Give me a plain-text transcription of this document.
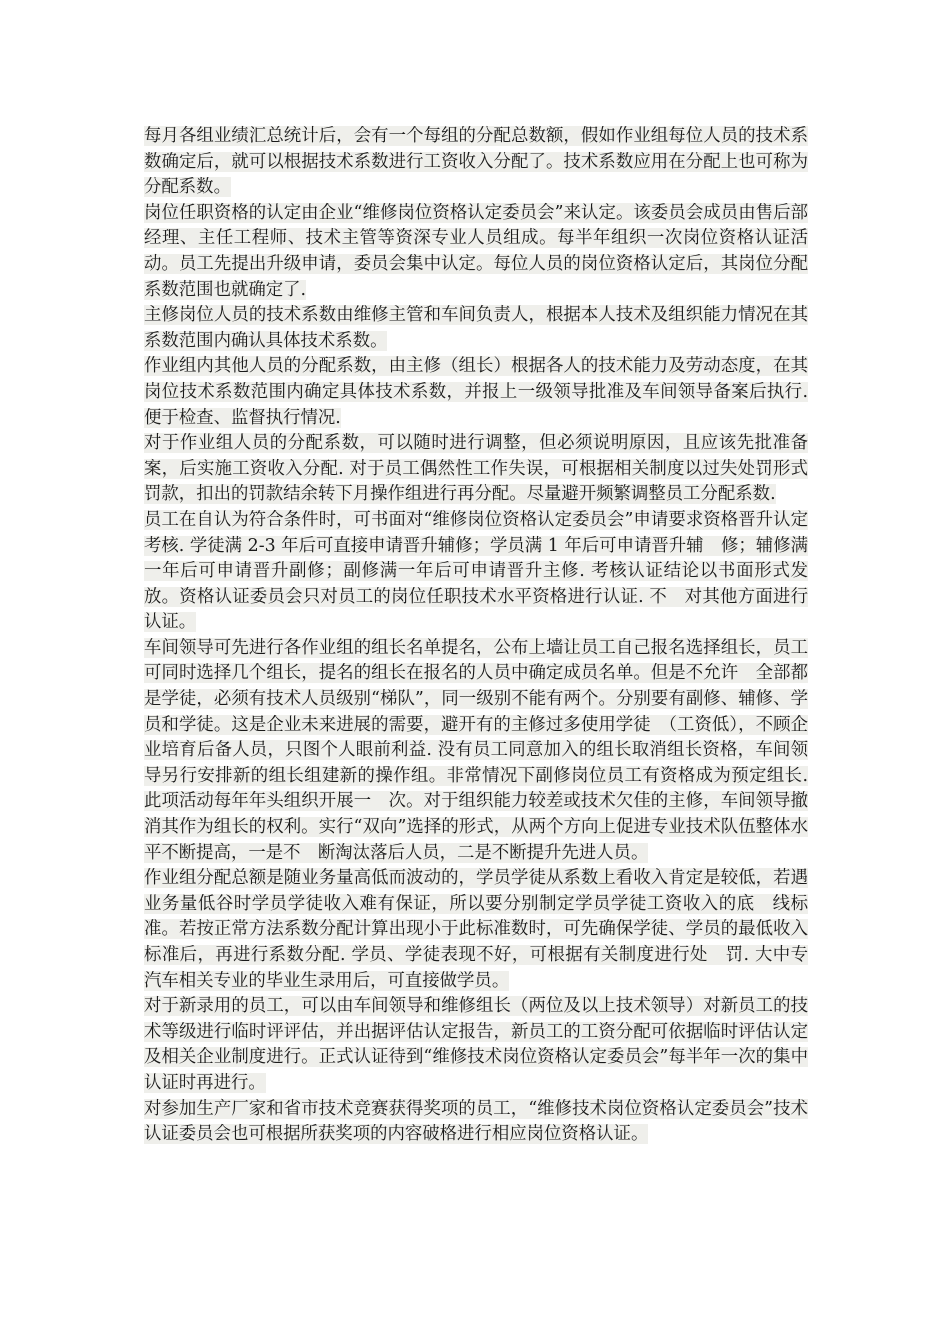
每月各组业绩汇总统计后，会有一个每组的分配总数额，假如作业组每位人员的技术系数确定后，就可以根据技术系数进行工资收入分配了。技术系数应用在分配上也可称为分配系数。

岗位任职资格的认定由企业“维修岗位资格认定委员会”来认定。该委员会成员由售后部经理、主任工程师、技术主管等资深专业人员组成。每半年组织一次岗位资格认证活动。员工先提出升级申请，委员会集中认定。每位人员的岗位资格认定后，其岗位分配系数范围也就确定了.

主修岗位人员的技术系数由维修主管和车间负责人，根据本人技术及组织能力情况在其系数范围内确认具体技术系数。

作业组内其他人员的分配系数，由主修（组长）根据各人的技术能力及劳动态度，在其岗位技术系数范围内确定具体技术系数，并报上一级领导批准及车间领导备案后执行. 便于检查、监督执行情况.

对于作业组人员的分配系数，可以随时进行调整，但必须说明原因，且应该先批准备案，后实施工资收入分配. 对于员工偶然性工作失误，可根据相关制度以过失处罚形式罚款，扣出的罚款结余转下月操作组进行再分配。尽量避开频繁调整员工分配系数.

员工在自认为符合条件时，可书面对“维修岗位资格认定委员会”申请要求资格晋升认定考核. 学徒满 2-3 年后可直接申请晋升辅修；学员满 1 年后可申请晋升辅　修；辅修满一年后可申请晋升副修；副修满一年后可申请晋升主修. 考核认证结论以书面形式发放。资格认证委员会只对员工的岗位任职技术水平资格进行认证. 不　对其他方面进行认证。

车间领导可先进行各作业组的组长名单提名，公布上墙让员工自己报名选择组长，员工可同时选择几个组长，提名的组长在报名的人员中确定成员名单。但是不允许　全部都是学徒，必须有技术人员级别“梯队”，同一级别不能有两个。分别要有副修、辅修、学员和学徒。这是企业未来进展的需要，避开有的主修过多使用学徒　（工资低），不顾企业培育后备人员，只图个人眼前利益. 没有员工同意加入的组长取消组长资格，车间领导另行安排新的组长组建新的操作组。非常情况下副修岗位员工有资格成为预定组长. 此项活动每年年头组织开展一　次。对于组织能力较差或技术欠佳的主修，车间领导撤消其作为组长的权利。实行“双向”选择的形式，从两个方向上促进专业技术队伍整体水平不断提高，一是不　断淘汰落后人员，二是不断提升先进人员。

作业组分配总额是随业务量高低而波动的，学员学徒从系数上看收入肯定是较低，若遇业务量低谷时学员学徒收入难有保证，所以要分别制定学员学徒工资收入的底　线标准。若按正常方法系数分配计算出现小于此标准数时，可先确保学徒、学员的最低收入标准后，再进行系数分配. 学员、学徒表现不好，可根据有关制度进行处　罚. 大中专汽车相关专业的毕业生录用后，可直接做学员。

对于新录用的员工，可以由车间领导和维修组长（两位及以上技术领导）对新员工的技术等级进行临时评评估，并出据评估认定报告，新员工的工资分配可依据临时评估认定及相关企业制度进行。正式认证待到“维修技术岗位资格认定委员会”每半年一次的集中认证时再进行。

对参加生产厂家和省市技术竞赛获得奖项的员工，“维修技术岗位资格认定委员会”技术认证委员会也可根据所获奖项的内容破格进行相应岗位资格认证。
